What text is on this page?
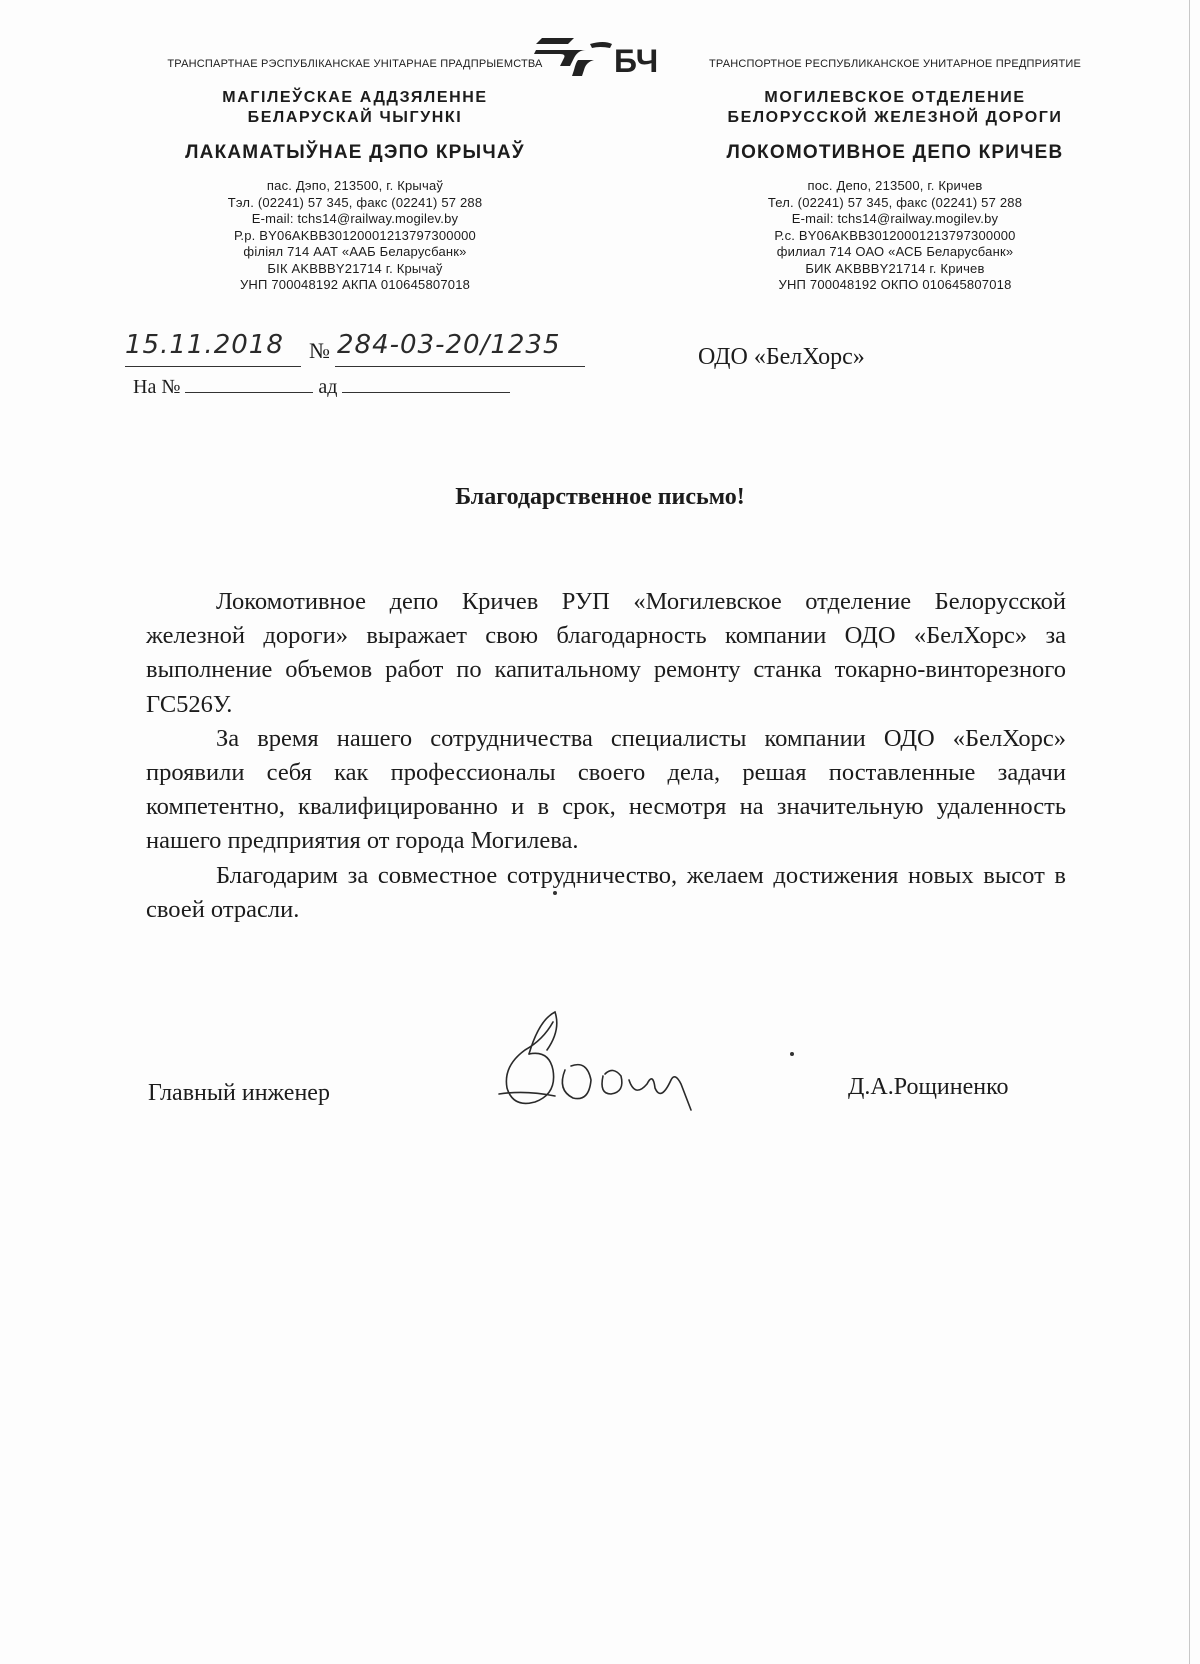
БЧ
ТРАНСПАРТНАЕ РЭСПУБЛІКАНСКАЕ УНІТАРНАЕ ПРАДПРЫЕМСТВА
МАГІЛЕЎСКАЕ АДДЗЯЛЕННЕ
БЕЛАРУСКАЙ ЧЫГУНКІ
ЛАКАМАТЫЎНАЕ ДЭПО КРЫЧАЎ
пас. Дэпо, 213500, г. Крычаў
Тэл. (02241) 57 345, факс (02241) 57 288
E-mail: tchs14@railway.mogilev.by
Р.р. BY06AKBB30120001213797300000
філіял 714 ААТ «ААБ Беларусбанк»
БІК AKBBBY21714 г. Крычаў
УНП 700048192 АКПА 010645807018
ТРАНСПОРТНОЕ РЕСПУБЛИКАНСКОЕ УНИТАРНОЕ ПРЕДПРИЯТИЕ
МОГИЛЕВСКОЕ ОТДЕЛЕНИЕ
БЕЛОРУССКОЙ ЖЕЛЕЗНОЙ ДОРОГИ
ЛОКОМОТИВНОЕ ДЕПО КРИЧЕВ
пос. Депо, 213500, г. Кричев
Тел. (02241) 57 345, факс (02241) 57 288
E-mail: tchs14@railway.mogilev.by
Р.с. BY06AKBB30120001213797300000
филиал 714 ОАО «АСБ Беларусбанк»
БИК AKBBBY21714 г. Кричев
УНП 700048192 ОКПО 010645807018
15.11.2018 № 284-03-20/1235
На №	ад
ОДО «БелХорс»
Благодарственное письмо!

Локомотивное депо Кричев РУП «Могилевское отделение Белорусской железной дороги» выражает свою благодарность компании ОДО «БелХорс» за выполнение объемов работ по капитальному ремонту станка токарно-винторезного ГС526У.

За время нашего сотрудничества специалисты компании ОДО «БелХорс» проявили себя как профессионалы своего дела, решая поставленные задачи компетентно, квалифицированно и в срок, несмотря на значительную удаленность нашего предприятия от города Могилева.

Благодарим за совместное сотрудничество, желаем достижения новых высот в своей отрасли.

Главный инженер	Д.А.Рощиненко
